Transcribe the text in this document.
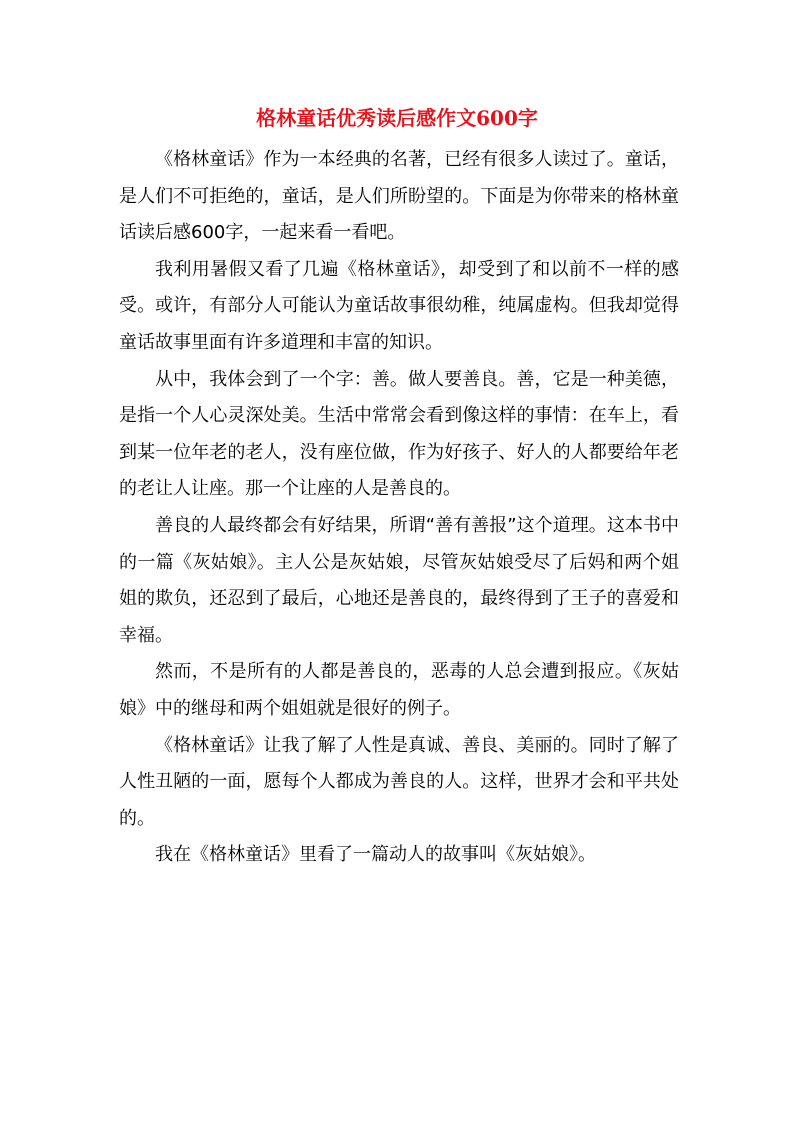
格林童话优秀读后感作文600字

《格林童话》作为一本经典的名著，已经有很多人读过了。童话，是人们不可拒绝的，童话，是人们所盼望的。下面是为你带来的格林童话读后感600字，一起来看一看吧。

我利用暑假又看了几遍《格林童话》，却受到了和以前不一样的感受。或许，有部分人可能认为童话故事很幼稚，纯属虚构。但我却觉得童话故事里面有许多道理和丰富的知识。

从中，我体会到了一个字：善。做人要善良。善，它是一种美德，是指一个人心灵深处美。生活中常常会看到像这样的事情：在车上，看到某一位年老的老人，没有座位做，作为好孩子、好人的人都要给年老的老让人让座。那一个让座的人是善良的。

善良的人最终都会有好结果，所谓“善有善报”这个道理。这本书中的一篇《灰姑娘》。主人公是灰姑娘，尽管灰姑娘受尽了后妈和两个姐姐的欺负，还忍到了最后，心地还是善良的，最终得到了王子的喜爱和幸福。

然而，不是所有的人都是善良的，恶毒的人总会遭到报应。《灰姑娘》中的继母和两个姐姐就是很好的例子。

《格林童话》让我了解了人性是真诚、善良、美丽的。同时了解了人性丑陋的一面，愿每个人都成为善良的人。这样，世界才会和平共处的。

我在《格林童话》里看了一篇动人的故事叫《灰姑娘》。
